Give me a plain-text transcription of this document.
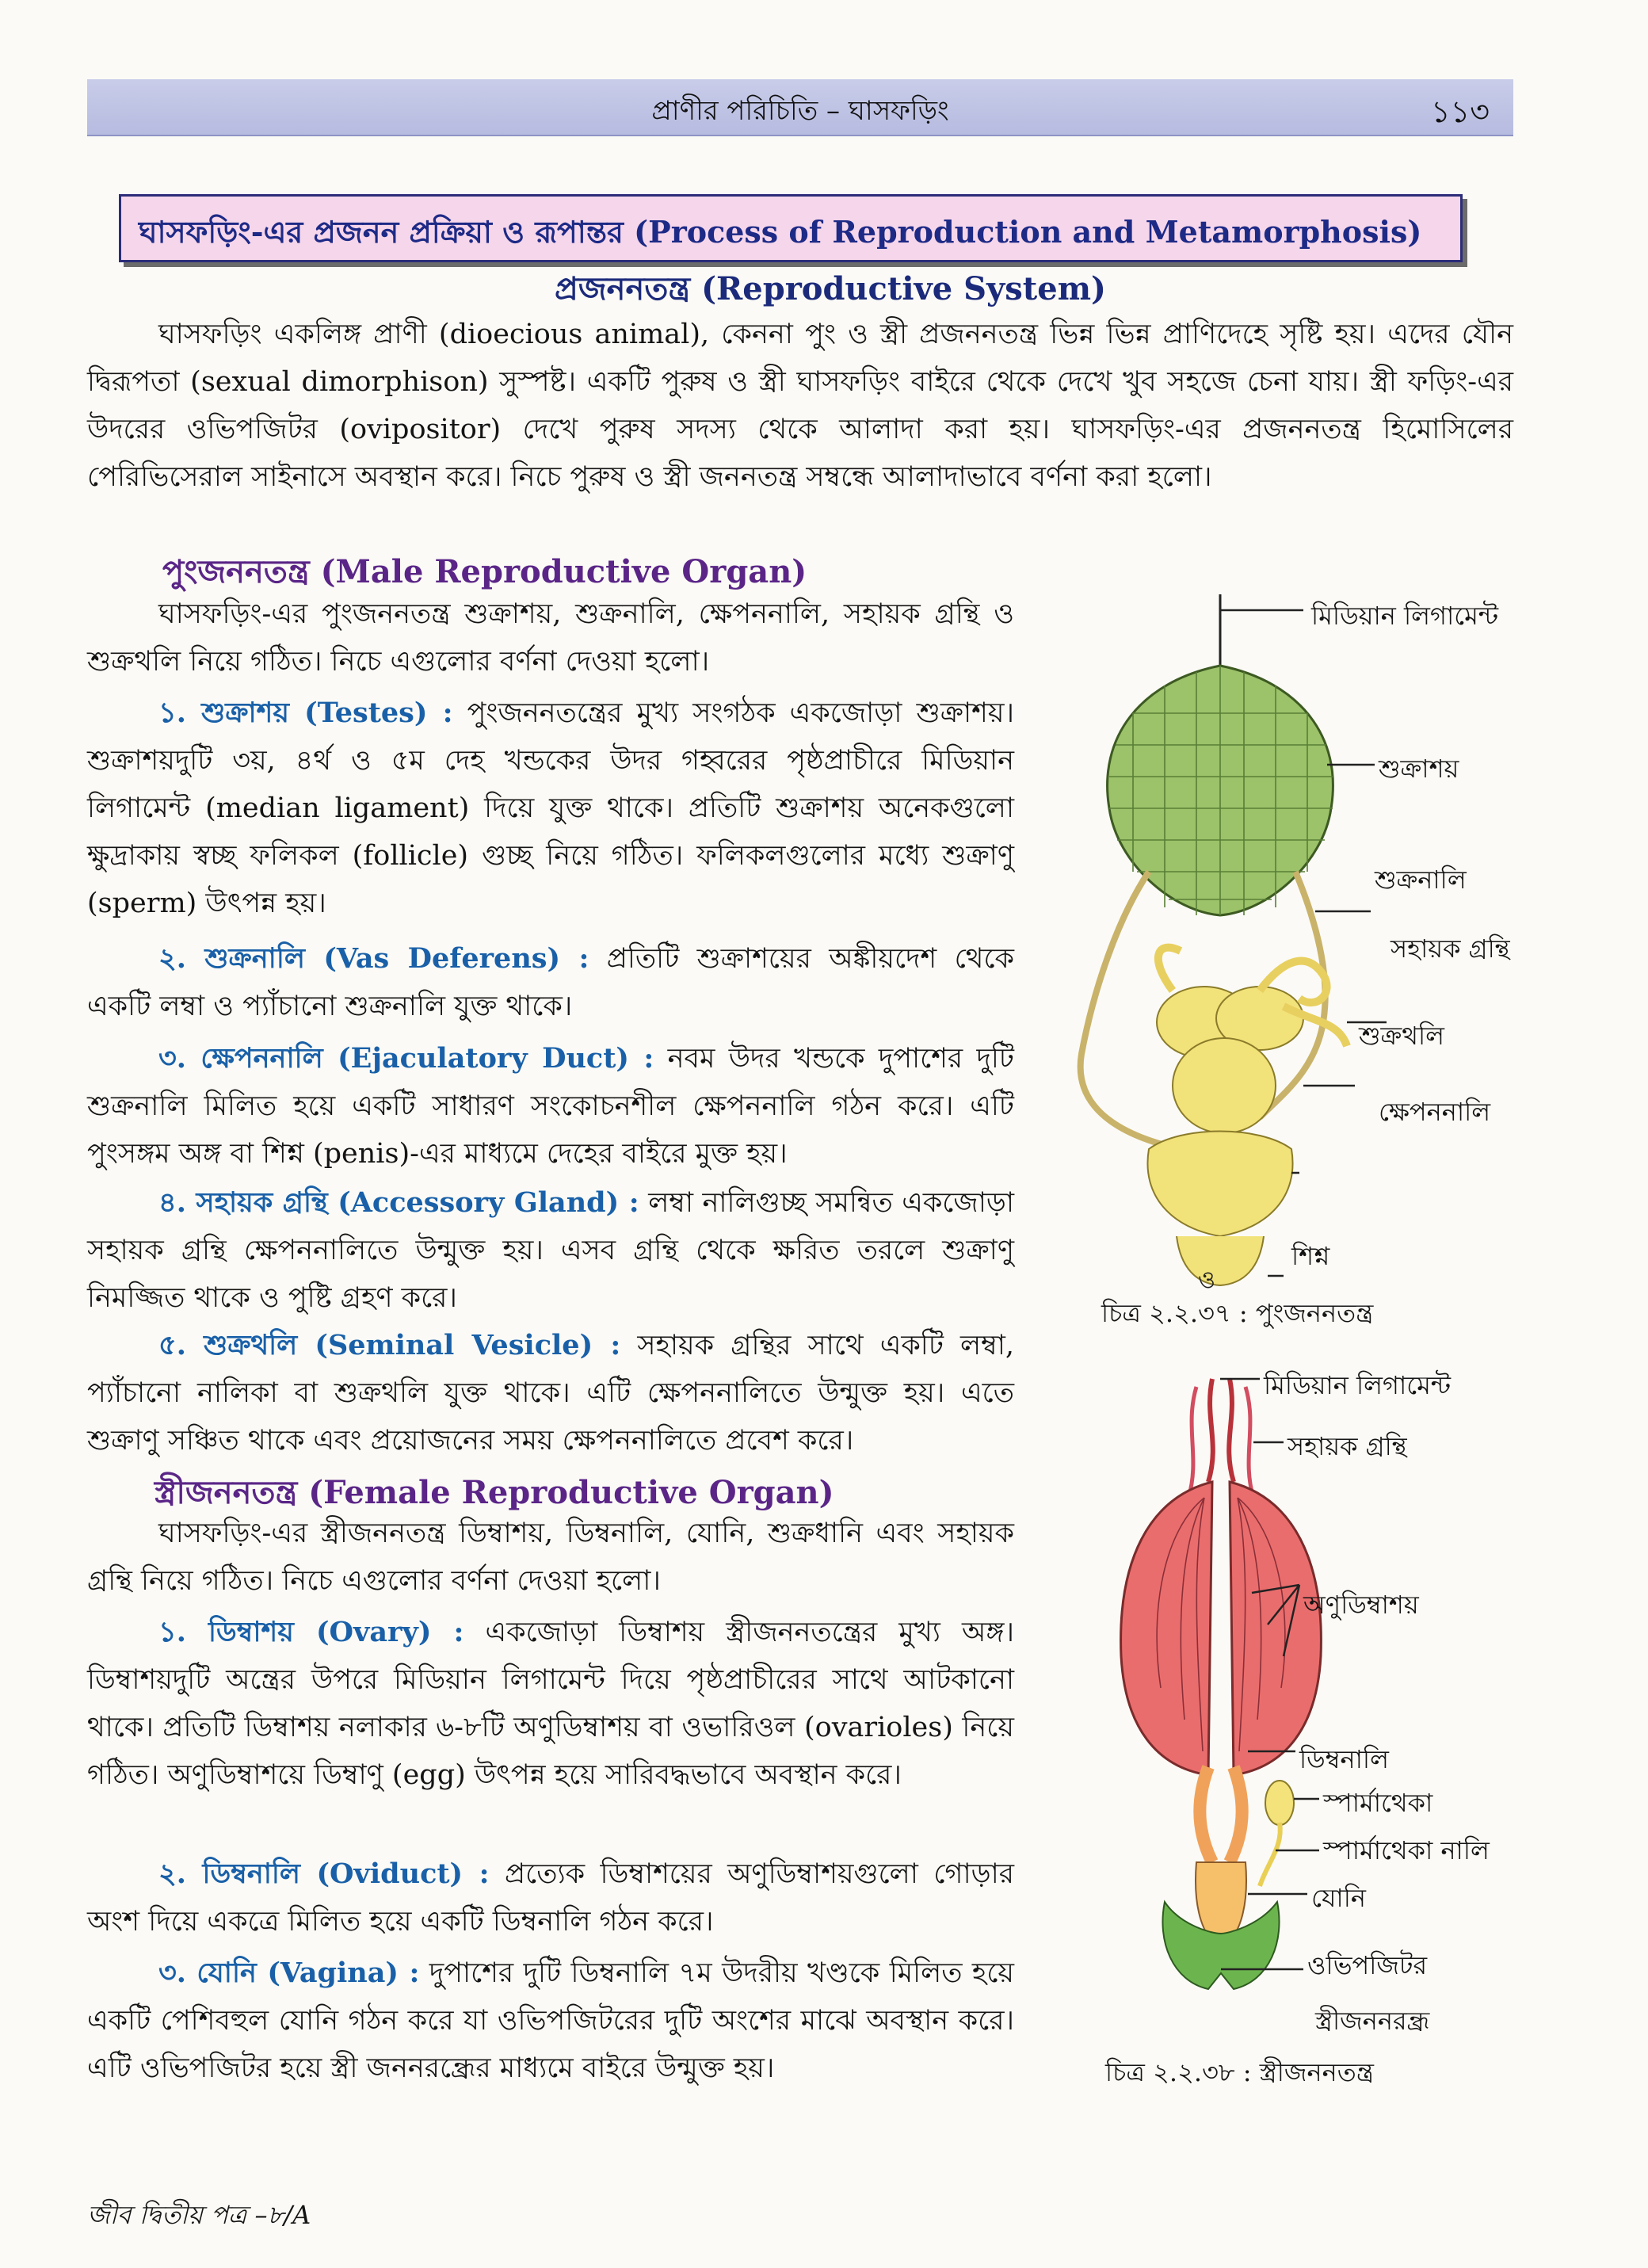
প্রাণীর পরিচিতি – ঘাসফড়িং	১১৩
ঘাসফড়িং-এর প্রজনন প্রক্রিয়া ও রূপান্তর (Process of Reproduction and Metamorphosis)
প্রজননতন্ত্র (Reproductive System)
ঘাসফড়িং একলিঙ্গ প্রাণী (dioecious animal), কেননা পুং ও স্ত্রী প্রজননতন্ত্র ভিন্ন ভিন্ন প্রাণিদেহে সৃষ্টি হয়। এদের যৌন দ্বিরূপতা (sexual dimorphison) সুস্পষ্ট। একটি পুরুষ ও স্ত্রী ঘাসফড়িং বাইরে থেকে দেখে খুব সহজে চেনা যায়। স্ত্রী ফড়িং-এর উদরের ওভিপজিটর (ovipositor) দেখে পুরুষ সদস্য থেকে আলাদা করা হয়। ঘাসফড়িং-এর প্রজননতন্ত্র হিমোসিলের পেরিভিসেরাল সাইনাসে অবস্থান করে। নিচে পুরুষ ও স্ত্রী জননতন্ত্র সম্বন্ধে আলাদাভাবে বর্ণনা করা হলো।
পুংজননতন্ত্র (Male Reproductive Organ)
ঘাসফড়িং-এর পুংজননতন্ত্র শুক্রাশয়, শুক্রনালি, ক্ষেপননালি, সহায়ক গ্রন্থি ও শুক্রথলি নিয়ে গঠিত। নিচে এগুলোর বর্ণনা দেওয়া হলো।
১. শুক্রাশয় (Testes) : পুংজননতন্ত্রের মুখ্য সংগঠক একজোড়া শুক্রাশয়। শুক্রাশয়দুটি ৩য়, ৪র্থ ও ৫ম দেহ খন্ডকের উদর গহ্বরের পৃষ্ঠপ্রাচীরে মিডিয়ান লিগামেন্ট (median ligament) দিয়ে যুক্ত থাকে। প্রতিটি শুক্রাশয় অনেকগুলো ক্ষুদ্রাকায় স্বচ্ছ ফলিকল (follicle) গুচ্ছ নিয়ে গঠিত। ফলিকলগুলোর মধ্যে শুক্রাণু (sperm) উৎপন্ন হয়।
২. শুক্রনালি (Vas Deferens) : প্রতিটি শুক্রাশয়ের অঙ্কীয়দেশ থেকে একটি লম্বা ও প্যাঁচানো শুক্রনালি যুক্ত থাকে।
৩. ক্ষেপননালি (Ejaculatory Duct) : নবম উদর খন্ডকে দুপাশের দুটি শুক্রনালি মিলিত হয়ে একটি সাধারণ সংকোচনশীল ক্ষেপননালি গঠন করে। এটি পুংসঙ্গম অঙ্গ বা শিশ্ন (penis)-এর মাধ্যমে দেহের বাইরে মুক্ত হয়।
৪. সহায়ক গ্রন্থি (Accessory Gland) : লম্বা নালিগুচ্ছ সমন্বিত একজোড়া সহায়ক গ্রন্থি ক্ষেপননালিতে উন্মুক্ত হয়। এসব গ্রন্থি থেকে ক্ষরিত তরলে শুক্রাণু নিমজ্জিত থাকে ও পুষ্টি গ্রহণ করে।
৫. শুক্রথলি (Seminal Vesicle) : সহায়ক গ্রন্থির সাথে একটি লম্বা, প্যাঁচানো নালিকা বা শুক্রথলি যুক্ত থাকে। এটি ক্ষেপননালিতে উন্মুক্ত হয়। এতে শুক্রাণু সঞ্চিত থাকে এবং প্রয়োজনের সময় ক্ষেপননালিতে প্রবেশ করে।
ও
মিডিয়ান লিগামেন্ট
শুক্রাশয়
শুক্রনালি
সহায়ক গ্রন্থি
শুক্রথলি
ক্ষেপননালি
শিশ্ন
চিত্র ২.২.৩৭ : পুংজননতন্ত্র
স্ত্রীজননতন্ত্র (Female Reproductive Organ)
ঘাসফড়িং-এর স্ত্রীজননতন্ত্র ডিম্বাশয়, ডিম্বনালি, যোনি, শুক্রধানি এবং সহায়ক গ্রন্থি নিয়ে গঠিত। নিচে এগুলোর বর্ণনা দেওয়া হলো।
১. ডিম্বাশয় (Ovary) : একজোড়া ডিম্বাশয় স্ত্রীজননতন্ত্রের মুখ্য অঙ্গ। ডিম্বাশয়দুটি অন্ত্রের উপরে মিডিয়ান লিগামেন্ট দিয়ে পৃষ্ঠপ্রাচীরের সাথে আটকানো থাকে। প্রতিটি ডিম্বাশয় নলাকার ৬-৮টি অণুডিম্বাশয় বা ওভারিওল (ovarioles) নিয়ে গঠিত। অণুডিম্বাশয়ে ডিম্বাণু (egg) উৎপন্ন হয়ে সারিবদ্ধভাবে অবস্থান করে।
২. ডিম্বনালি (Oviduct) : প্রত্যেক ডিম্বাশয়ের অণুডিম্বাশয়গুলো গোড়ার অংশ দিয়ে একত্রে মিলিত হয়ে একটি ডিম্বনালি গঠন করে।
৩. যোনি (Vagina) : দুপাশের দুটি ডিম্বনালি ৭ম উদরীয় খণ্ডকে মিলিত হয়ে একটি পেশিবহুল যোনি গঠন করে যা ওভিপজিটরের দুটি অংশের মাঝে অবস্থান করে। এটি ওভিপজিটর হয়ে স্ত্রী জননরন্ধ্রের মাধ্যমে বাইরে উন্মুক্ত হয়।
মিডিয়ান লিগামেন্ট
সহায়ক গ্রন্থি
অণুডিম্বাশয়
ডিম্বনালি
স্পার্মাথেকা
স্পার্মাথেকা নালি
যোনি
ওভিপজিটর
স্ত্রীজননরন্ধ্র
চিত্র ২.২.৩৮ : স্ত্রীজননতন্ত্র
জীব দ্বিতীয় পত্র –৮/A
